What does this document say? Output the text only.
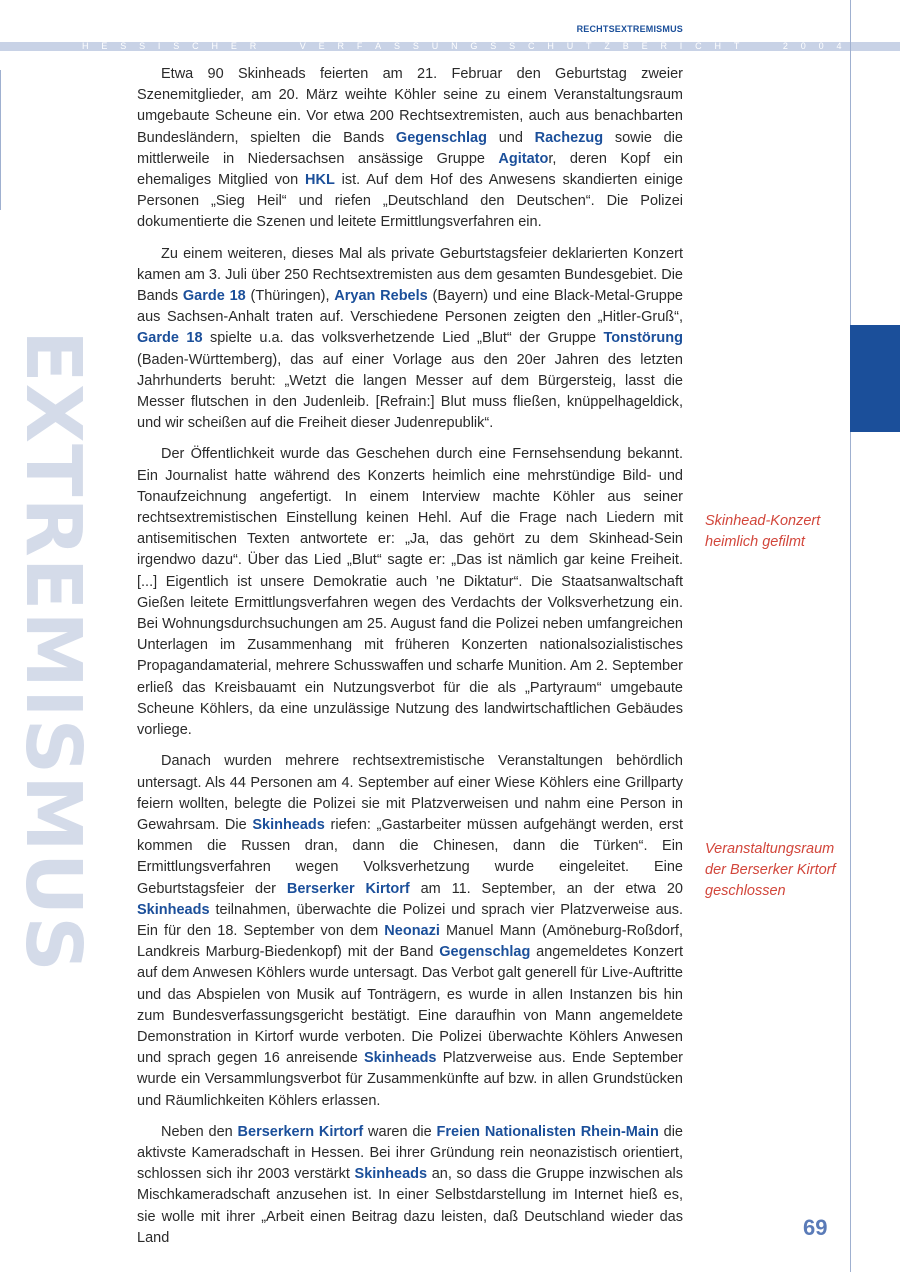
RECHTSEXTREMISMUS
H E S S I S C H E R

	V E R F A S S U N G S S C H U T Z B E R I C H T

	2 0 0 4
EXTREMISMUS

Etwa 90 Skinheads feierten am 21. Februar den Geburtstag zweier Szenemitglieder, am 20. März weihte Köhler seine zu einem Veranstaltungsraum umgebaute Scheune ein. Vor etwa 200 Rechtsextremisten, auch aus benachbarten Bundesländern, spielten die Bands Gegenschlag und Rachezug sowie die mittlerweile in Niedersachsen ansässige Gruppe Agitator, deren Kopf ein ehemaliges Mitglied von HKL ist. Auf dem Hof des Anwesens skandierten einige Personen „Sieg Heil“ und riefen „Deutschland den Deutschen“. Die Polizei dokumentierte die Szenen und leitete Ermittlungsverfahren ein.

Zu einem weiteren, dieses Mal als private Geburtstagsfeier deklarierten Konzert kamen am 3. Juli über 250 Rechtsextremisten aus dem gesamten Bundesgebiet. Die Bands Garde 18 (Thüringen), Aryan Rebels (Bayern) und eine Black-Metal-Gruppe aus Sachsen-Anhalt traten auf. Verschiedene Personen zeigten den „Hitler-Gruß“, Garde 18 spielte u.a. das volksverhetzende Lied „Blut“ der Gruppe Tonstörung (Baden-Württemberg), das auf einer Vorlage aus den 20er Jahren des letzten Jahrhunderts beruht: „Wetzt die langen Messer auf dem Bürgersteig, lasst die Messer flutschen in den Judenleib. [Refrain:] Blut muss fließen, knüppelhageldick, und wir scheißen auf die Freiheit dieser Judenrepublik“.

Der Öffentlichkeit wurde das Geschehen durch eine Fernsehsendung bekannt. Ein Journalist hatte während des Konzerts heimlich eine mehrstündige Bild- und Tonaufzeichnung angefertigt. In einem Interview machte Köhler aus seiner rechtsextremistischen Einstellung keinen Hehl. Auf die Frage nach Liedern mit antisemitischen Texten antwortete er: „Ja, das gehört zu dem Skinhead-Sein irgendwo dazu“. Über das Lied „Blut“ sagte er: „Das ist nämlich gar keine Freiheit. [...] Eigentlich ist unsere Demokratie auch ’ne Diktatur“. Die Staatsanwaltschaft Gießen leitete Ermittlungsverfahren wegen des Verdachts der Volksverhetzung ein. Bei Wohnungsdurchsuchungen am 25. August fand die Polizei neben umfangreichen Unterlagen im Zusammenhang mit früheren Konzerten nationalsozialistisches Propagandamaterial, mehrere Schusswaffen und scharfe Munition. Am 2. September erließ das Kreisbauamt ein Nutzungsverbot für die als „Partyraum“ umgebaute Scheune Köhlers, da eine unzulässige Nutzung des landwirtschaftlichen Gebäudes vorliege.

Danach wurden mehrere rechtsextremistische Veranstaltungen behördlich untersagt. Als 44 Personen am 4. September auf einer Wiese Köhlers eine Grillparty feiern wollten, belegte die Polizei sie mit Platzverweisen und nahm eine Person in Gewahrsam. Die Skinheads riefen: „Gastarbeiter müssen aufgehängt werden, erst kommen die Russen dran, dann die Chinesen, dann die Türken“. Ein Ermittlungsverfahren wegen Volksverhetzung wurde eingeleitet. Eine Geburtstagsfeier der Berserker Kirtorf am 11. September, an der etwa 20 Skinheads teilnahmen, überwachte die Polizei und sprach vier Platzverweise aus. Ein für den 18. September von dem Neonazi Manuel Mann (Amöneburg-Roßdorf, Landkreis Marburg-Biedenkopf) mit der Band Gegenschlag angemeldetes Konzert auf dem Anwesen Köhlers wurde untersagt. Das Verbot galt generell für Live-Auftritte und das Abspielen von Musik auf Tonträgern, es wurde in allen Instanzen bis hin zum Bundesverfassungsgericht bestätigt. Eine daraufhin von Mann angemeldete Demonstration in Kirtorf wurde verboten. Die Polizei überwachte Köhlers Anwesen und sprach gegen 16 anreisende Skinheads Platzverweise aus. Ende September wurde ein Versammlungsverbot für Zusammenkünfte auf bzw. in allen Grundstücken und Räumlichkeiten Köhlers erlassen.

Neben den Berserkern Kirtorf waren die Freien Nationalisten Rhein-Main die aktivste Kameradschaft in Hessen. Bei ihrer Gründung rein neonazistisch orientiert, schlossen sich ihr 2003 verstärkt Skinheads an, so dass die Gruppe inzwischen als Mischkameradschaft anzusehen ist. In einer Selbstdarstellung im Internet hieß es, sie wolle mit ihrer „Arbeit einen Beitrag dazu leisten, daß Deutschland wieder das Land

Skinhead-Konzert heimlich gefilmt
Veranstaltungsraum der Berserker Kirtorf geschlossen
69
